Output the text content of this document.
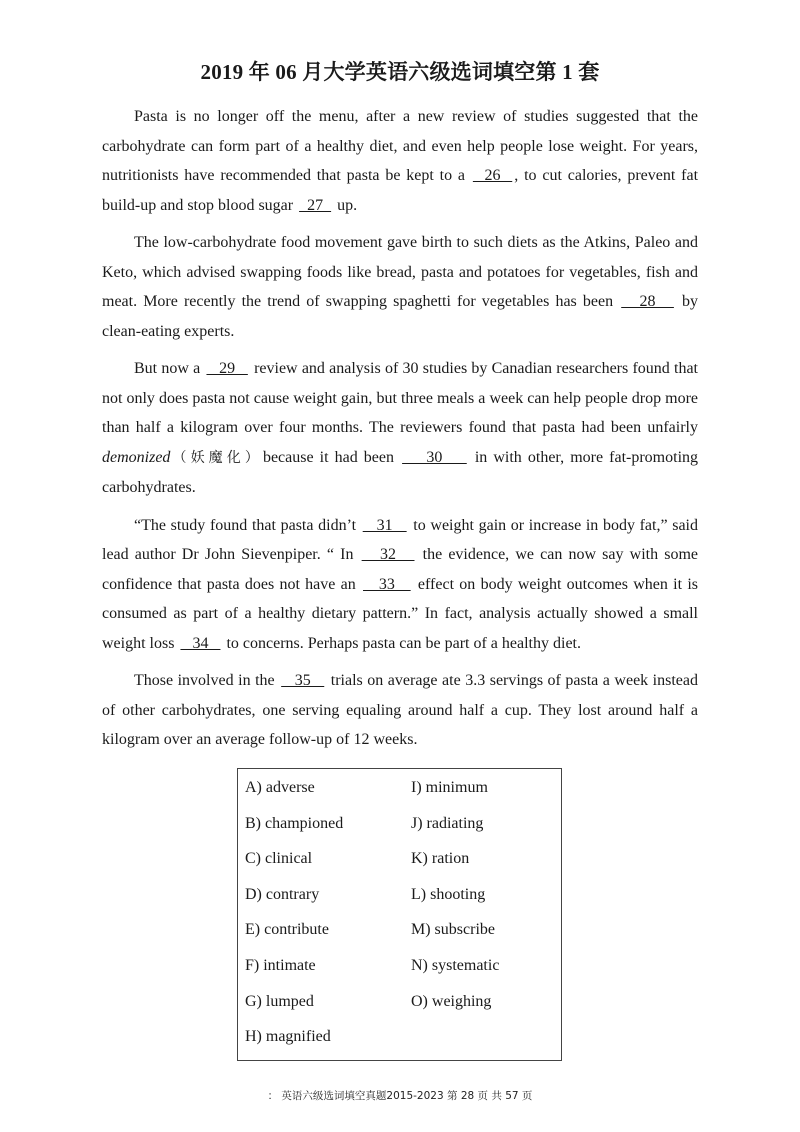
2019 年 06 月大学英语六级选词填空第 1 套

Pasta is no longer off the menu, after a new review of studies suggested that the carbohydrate can form part of a healthy diet, and even help people lose weight. For years, nutritionists have recommended that pasta be kept to a   26  , to cut calories, prevent fat build-up and stop blood sugar   27   up.

The low-carbohydrate food movement gave birth to such diets as the Atkins, Paleo and Keto, which advised swapping foods like bread, pasta and potatoes for vegetables, fish and meat. More recently the trend of swapping spaghetti for vegetables has been    28    by clean-eating experts.

But now a    29    review and analysis of 30 studies by Canadian researchers found that not only does pasta not cause weight gain, but three meals a week can help people drop more than half a kilogram over four months. The reviewers found that pasta had been unfairly demonized（妖魔化）because it had been     30     in with other, more fat-promoting carbohydrates.

“The study found that pasta didn’t    31    to weight gain or increase in body fat,” said lead author Dr John Sievenpiper. “ In    32    the evidence, we can now say with some confidence that pasta does not have an    33    effect on body weight outcomes when it is consumed as part of a healthy dietary pattern.” In fact, analysis actually showed a small weight loss    34    to concerns. Perhaps pasta can be part of a healthy diet.

Those involved in the    35    trials on average ate 3.3 servings of pasta a week instead of other carbohydrates, one serving equaling around half a cup. They lost around half a kilogram over an average follow-up of 12 weeks.

A) adverse
B) championed
C) clinical
D) contrary
E) contribute
F) intimate
G) lumped
H) magnified
I) minimum
J) radiating
K) ration
L) shooting
M) subscribe
N) systematic
O) weighing
： 英语六级选词填空真题2015-2023 第 28 页 共 57 页
